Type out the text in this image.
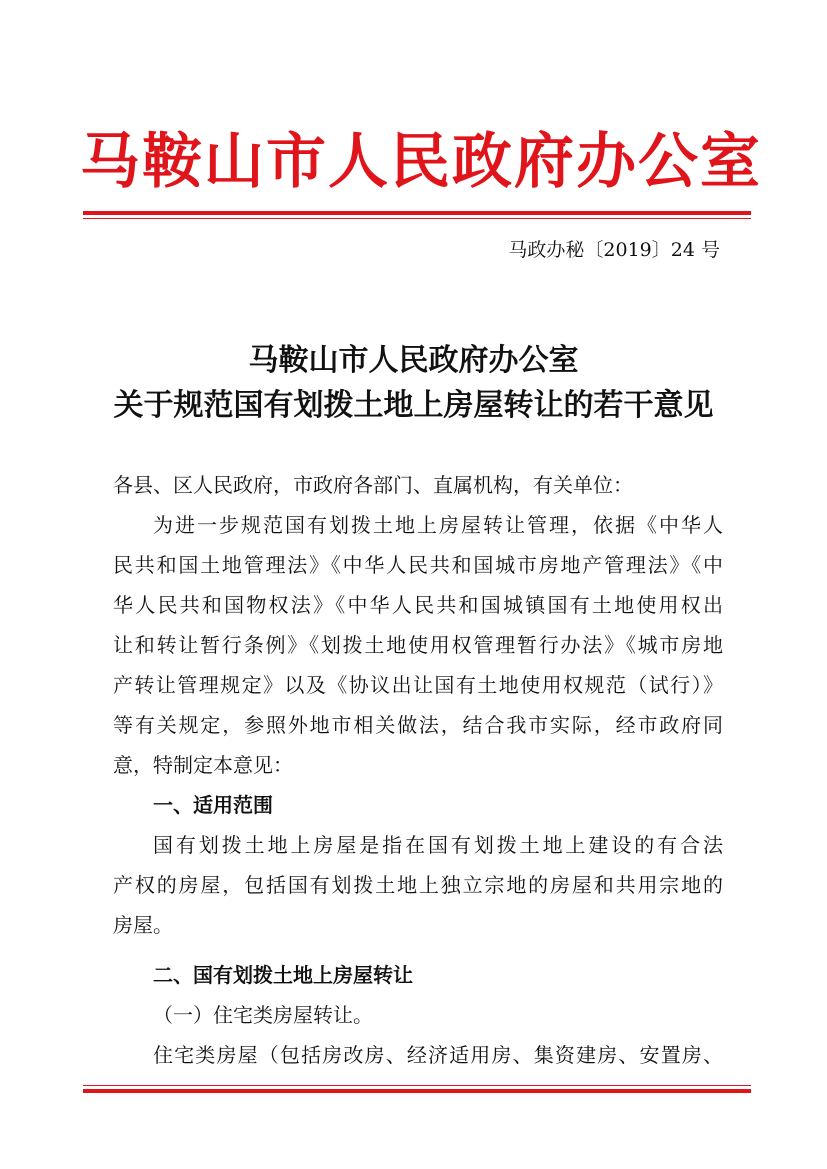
马鞍山市人民政府办公室
马政办秘〔2019〕24 号
马鞍山市人民政府办公室
关于规范国有划拨土地上房屋转让的若干意见
各县、区人民政府，市政府各部门、直属机构，有关单位：
为进一步规范国有划拨土地上房屋转让管理，依据《中华人
民共和国土地管理法》《中华人民共和国城市房地产管理法》《中
华人民共和国物权法》《中华人民共和国城镇国有土地使用权出
让和转让暂行条例》《划拨土地使用权管理暂行办法》《城市房地
产转让管理规定》以及《协议出让国有土地使用权规范（试行）》
等有关规定，参照外地市相关做法，结合我市实际，经市政府同
意，特制定本意见：
一、适用范围
国有划拨土地上房屋是指在国有划拨土地上建设的有合法
产权的房屋，包括国有划拨土地上独立宗地的房屋和共用宗地的
房屋。
二、国有划拨土地上房屋转让
（一）住宅类房屋转让。
住宅类房屋（包括房改房、经济适用房、集资建房、安置房、
